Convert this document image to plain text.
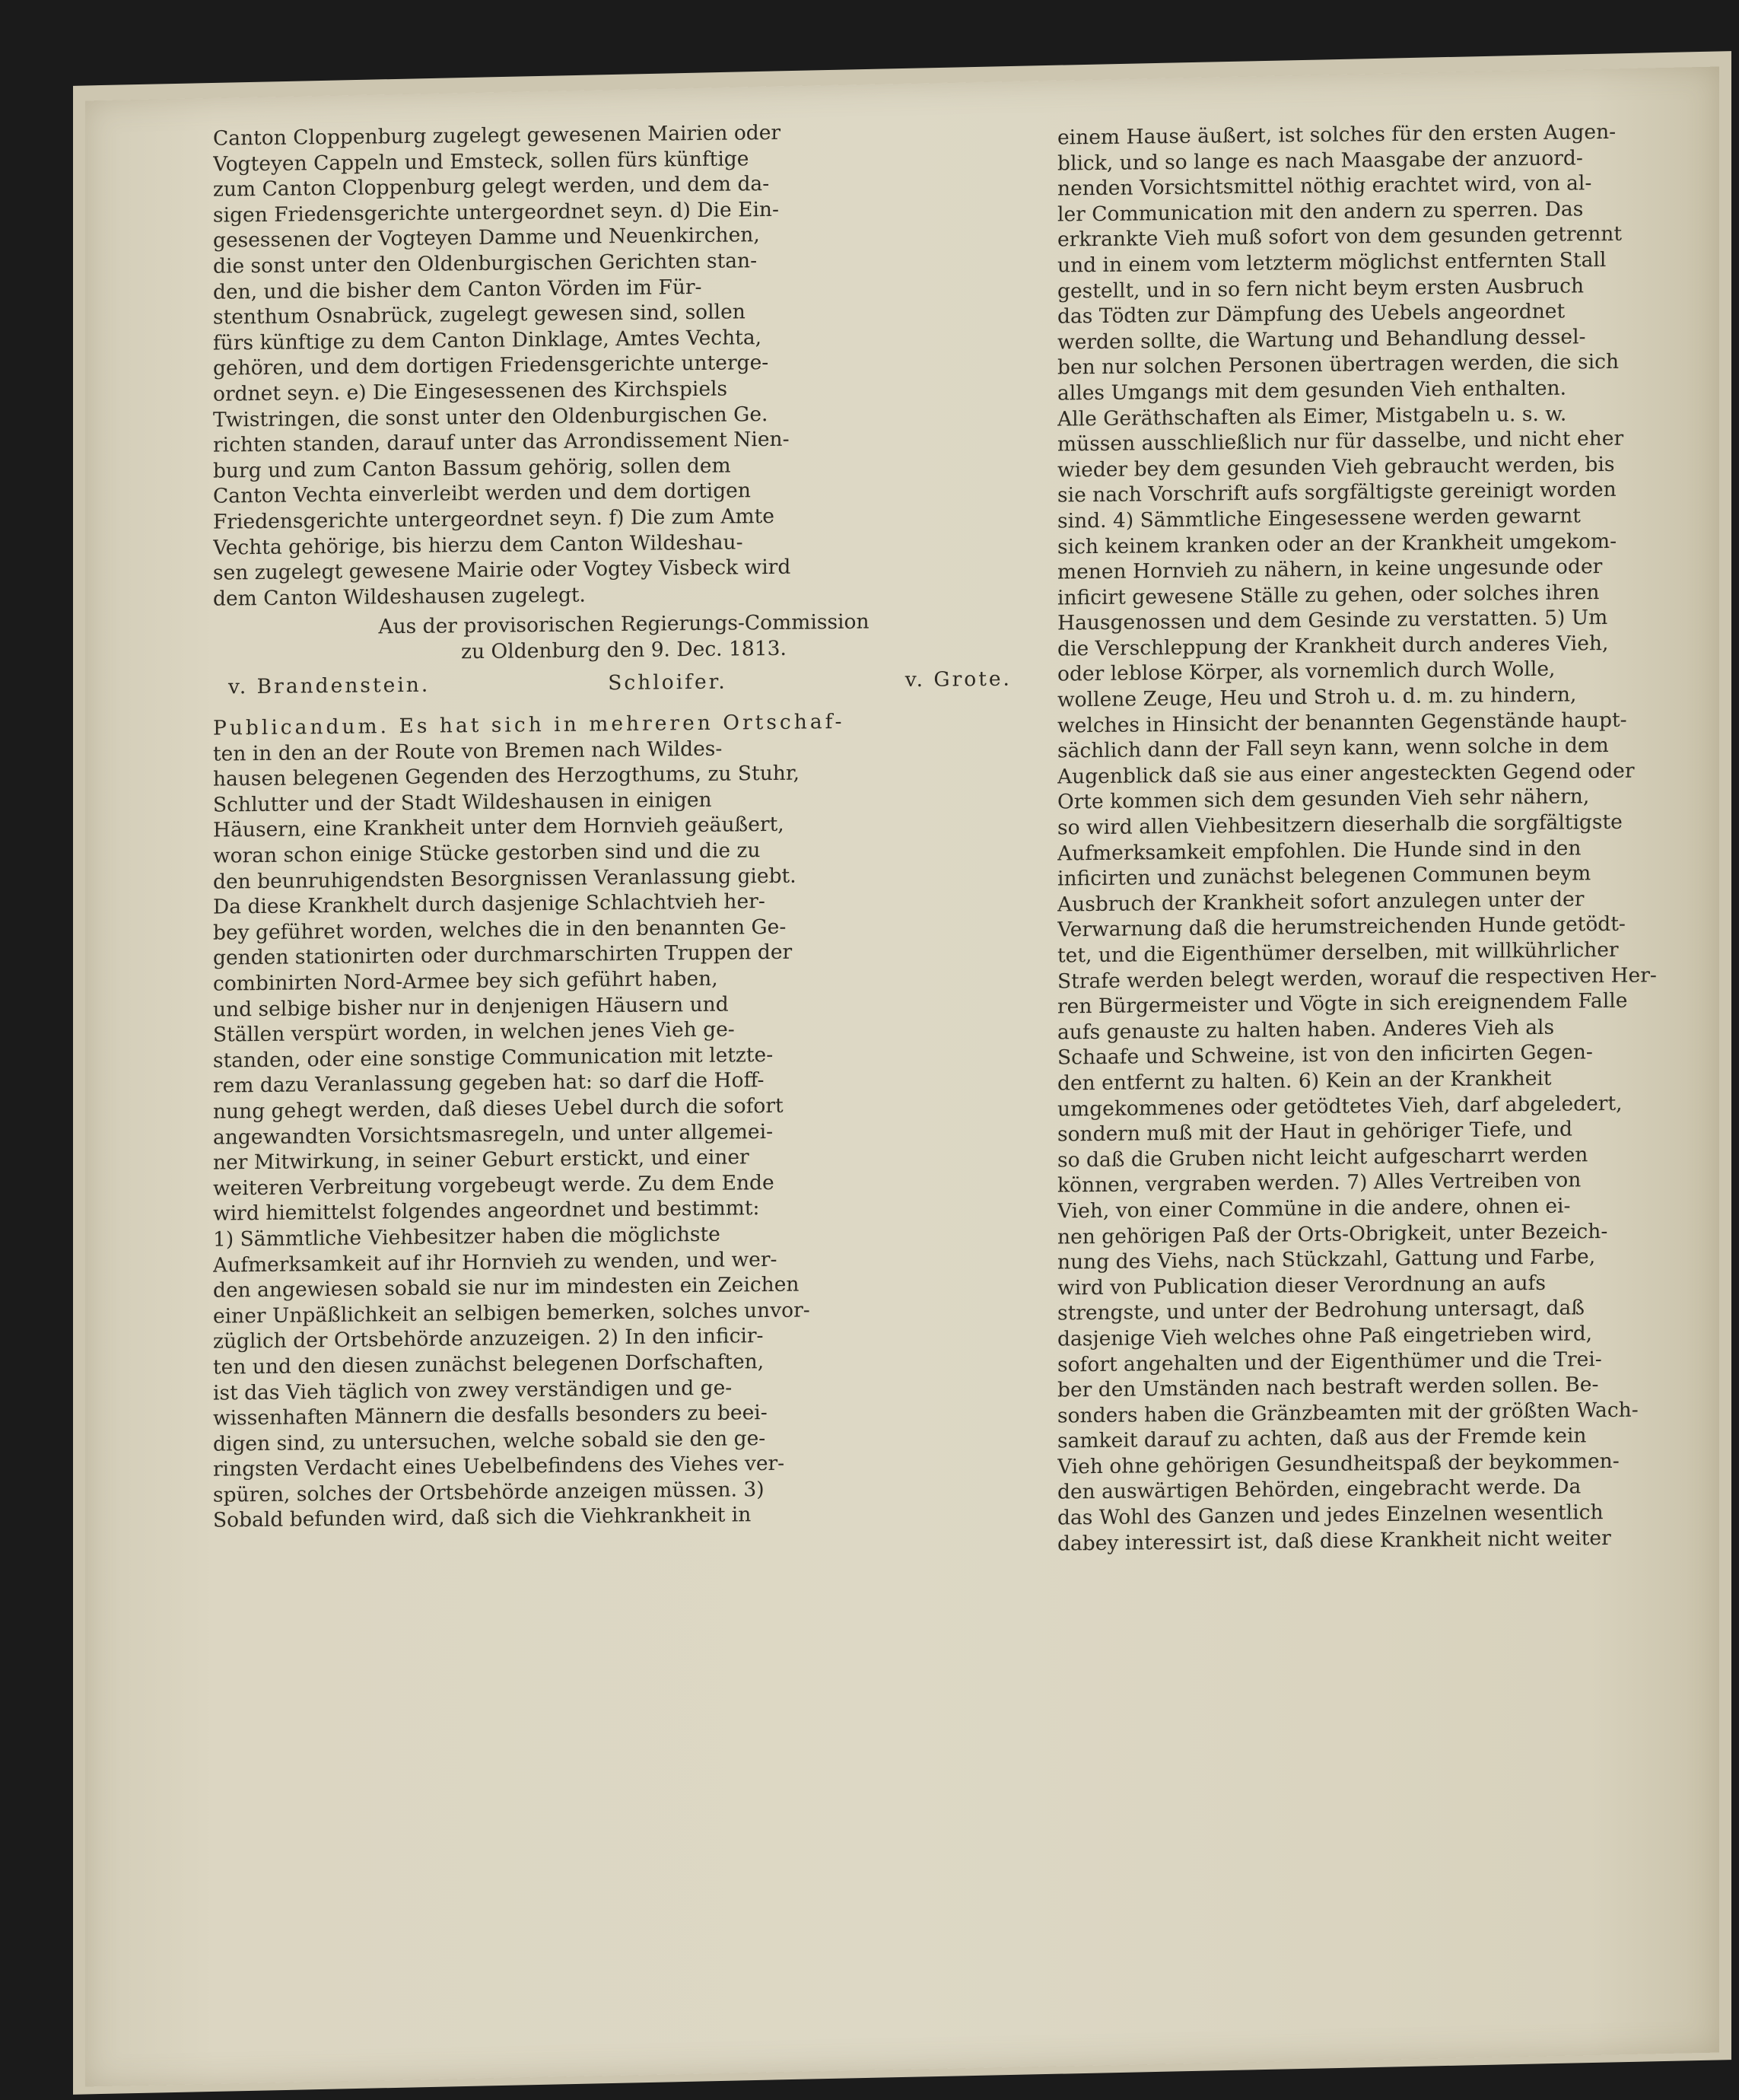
Canton Cloppenburg zugelegt gewesenen Mairien oder
Vogteyen Cappeln und Emsteck, sollen fürs künftige
zum Canton Cloppenburg gelegt werden, und dem da-
sigen Friedensgerichte untergeordnet seyn. d) Die Ein-
gesessenen der Vogteyen Damme und Neuenkirchen,
die sonst unter den Oldenburgischen Gerichten stan-
den, und die bisher dem Canton Vörden im Für-
stenthum Osnabrück, zugelegt gewesen sind, sollen
fürs künftige zu dem Canton Dinklage, Amtes Vechta,
gehören, und dem dortigen Friedensgerichte unterge-
ordnet seyn. e) Die Eingesessenen des Kirchspiels
Twistringen, die sonst unter den Oldenburgischen Ge.
richten standen, darauf unter das Arrondissement Nien-
burg und zum Canton Bassum gehörig, sollen dem
Canton Vechta einverleibt werden und dem dortigen
Friedensgerichte untergeordnet seyn. f) Die zum Amte
Vechta gehörige, bis hierzu dem Canton Wildeshau-
sen zugelegt gewesene Mairie oder Vogtey Visbeck wird
dem Canton Wildeshausen zugelegt.
Aus der provisorischen Regierungs-Commission
zu Oldenburg den 9. Dec. 1813.
v. Brandenstein.	Schloifer.	v. Grote.
Publicandum. Es hat sich in mehreren Ortschaf-
ten in den an der Route von Bremen nach Wildes-
hausen belegenen Gegenden des Herzogthums, zu Stuhr,
Schlutter und der Stadt Wildeshausen in einigen
Häusern, eine Krankheit unter dem Hornvieh geäußert,
woran schon einige Stücke gestorben sind und die zu
den beunruhigendsten Besorgnissen Veranlassung giebt.
Da diese Krankhelt durch dasjenige Schlachtvieh her-
bey geführet worden, welches die in den benannten Ge-
genden stationirten oder durchmarschirten Truppen der
combinirten Nord-Armee bey sich geführt haben,
und selbige bisher nur in denjenigen Häusern und
Ställen verspürt worden, in welchen jenes Vieh ge-
standen, oder eine sonstige Communication mit letzte-
rem dazu Veranlassung gegeben hat: so darf die Hoff-
nung gehegt werden, daß dieses Uebel durch die sofort
angewandten Vorsichtsmasregeln, und unter allgemei-
ner Mitwirkung, in seiner Geburt erstickt, und einer
weiteren Verbreitung vorgebeugt werde. Zu dem Ende
wird hiemittelst folgendes angeordnet und bestimmt:
1) Sämmtliche Viehbesitzer haben die möglichste
Aufmerksamkeit auf ihr Hornvieh zu wenden, und wer-
den angewiesen sobald sie nur im mindesten ein Zeichen
einer Unpäßlichkeit an selbigen bemerken, solches unvor-
züglich der Ortsbehörde anzuzeigen. 2) In den inficir-
ten und den diesen zunächst belegenen Dorfschaften,
ist das Vieh täglich von zwey verständigen und ge-
wissenhaften Männern die desfalls besonders zu beei-
digen sind, zu untersuchen, welche sobald sie den ge-
ringsten Verdacht eines Uebelbefindens des Viehes ver-
spüren, solches der Ortsbehörde anzeigen müssen. 3)
Sobald befunden wird, daß sich die Viehkrankheit in
einem Hause äußert, ist solches für den ersten Augen-
blick, und so lange es nach Maasgabe der anzuord-
nenden Vorsichtsmittel nöthig erachtet wird, von al-
ler Communication mit den andern zu sperren. Das
erkrankte Vieh muß sofort von dem gesunden getrennt
und in einem vom letzterm möglichst entfernten Stall
gestellt, und in so fern nicht beym ersten Ausbruch
das Tödten zur Dämpfung des Uebels angeordnet
werden sollte, die Wartung und Behandlung dessel-
ben nur solchen Personen übertragen werden, die sich
alles Umgangs mit dem gesunden Vieh enthalten.
Alle Geräthschaften als Eimer, Mistgabeln u. s. w.
müssen ausschließlich nur für dasselbe, und nicht eher
wieder bey dem gesunden Vieh gebraucht werden, bis
sie nach Vorschrift aufs sorgfältigste gereinigt worden
sind. 4) Sämmtliche Eingesessene werden gewarnt
sich keinem kranken oder an der Krankheit umgekom-
menen Hornvieh zu nähern, in keine ungesunde oder
inficirt gewesene Ställe zu gehen, oder solches ihren
Hausgenossen und dem Gesinde zu verstatten. 5) Um
die Verschleppung der Krankheit durch anderes Vieh,
oder leblose Körper, als vornemlich durch Wolle,
wollene Zeuge, Heu und Stroh u. d. m. zu hindern,
welches in Hinsicht der benannten Gegenstände haupt-
sächlich dann der Fall seyn kann, wenn solche in dem
Augenblick daß sie aus einer angesteckten Gegend oder
Orte kommen sich dem gesunden Vieh sehr nähern,
so wird allen Viehbesitzern dieserhalb die sorgfältigste
Aufmerksamkeit empfohlen. Die Hunde sind in den
inficirten und zunächst belegenen Communen beym
Ausbruch der Krankheit sofort anzulegen unter der
Verwarnung daß die herumstreichenden Hunde getödt-
tet, und die Eigenthümer derselben, mit willkührlicher
Strafe werden belegt werden, worauf die respectiven Her-
ren Bürgermeister und Vögte in sich ereignendem Falle
aufs genauste zu halten haben. Anderes Vieh als
Schaafe und Schweine, ist von den inficirten Gegen-
den entfernt zu halten. 6) Kein an der Krankheit
umgekommenes oder getödtetes Vieh, darf abgeledert,
sondern muß mit der Haut in gehöriger Tiefe, und
so daß die Gruben nicht leicht aufgescharrt werden
können, vergraben werden. 7) Alles Vertreiben von
Vieh, von einer Commüne in die andere, ohnen ei-
nen gehörigen Paß der Orts-Obrigkeit, unter Bezeich-
nung des Viehs, nach Stückzahl, Gattung und Farbe,
wird von Publication dieser Verordnung an aufs
strengste, und unter der Bedrohung untersagt, daß
dasjenige Vieh welches ohne Paß eingetrieben wird,
sofort angehalten und der Eigenthümer und die Trei-
ber den Umständen nach bestraft werden sollen. Be-
sonders haben die Gränzbeamten mit der größten Wach-
samkeit darauf zu achten, daß aus der Fremde kein
Vieh ohne gehörigen Gesundheitspaß der beykommen-
den auswärtigen Behörden, eingebracht werde. Da
das Wohl des Ganzen und jedes Einzelnen wesentlich
dabey interessirt ist, daß diese Krankheit nicht weiter
